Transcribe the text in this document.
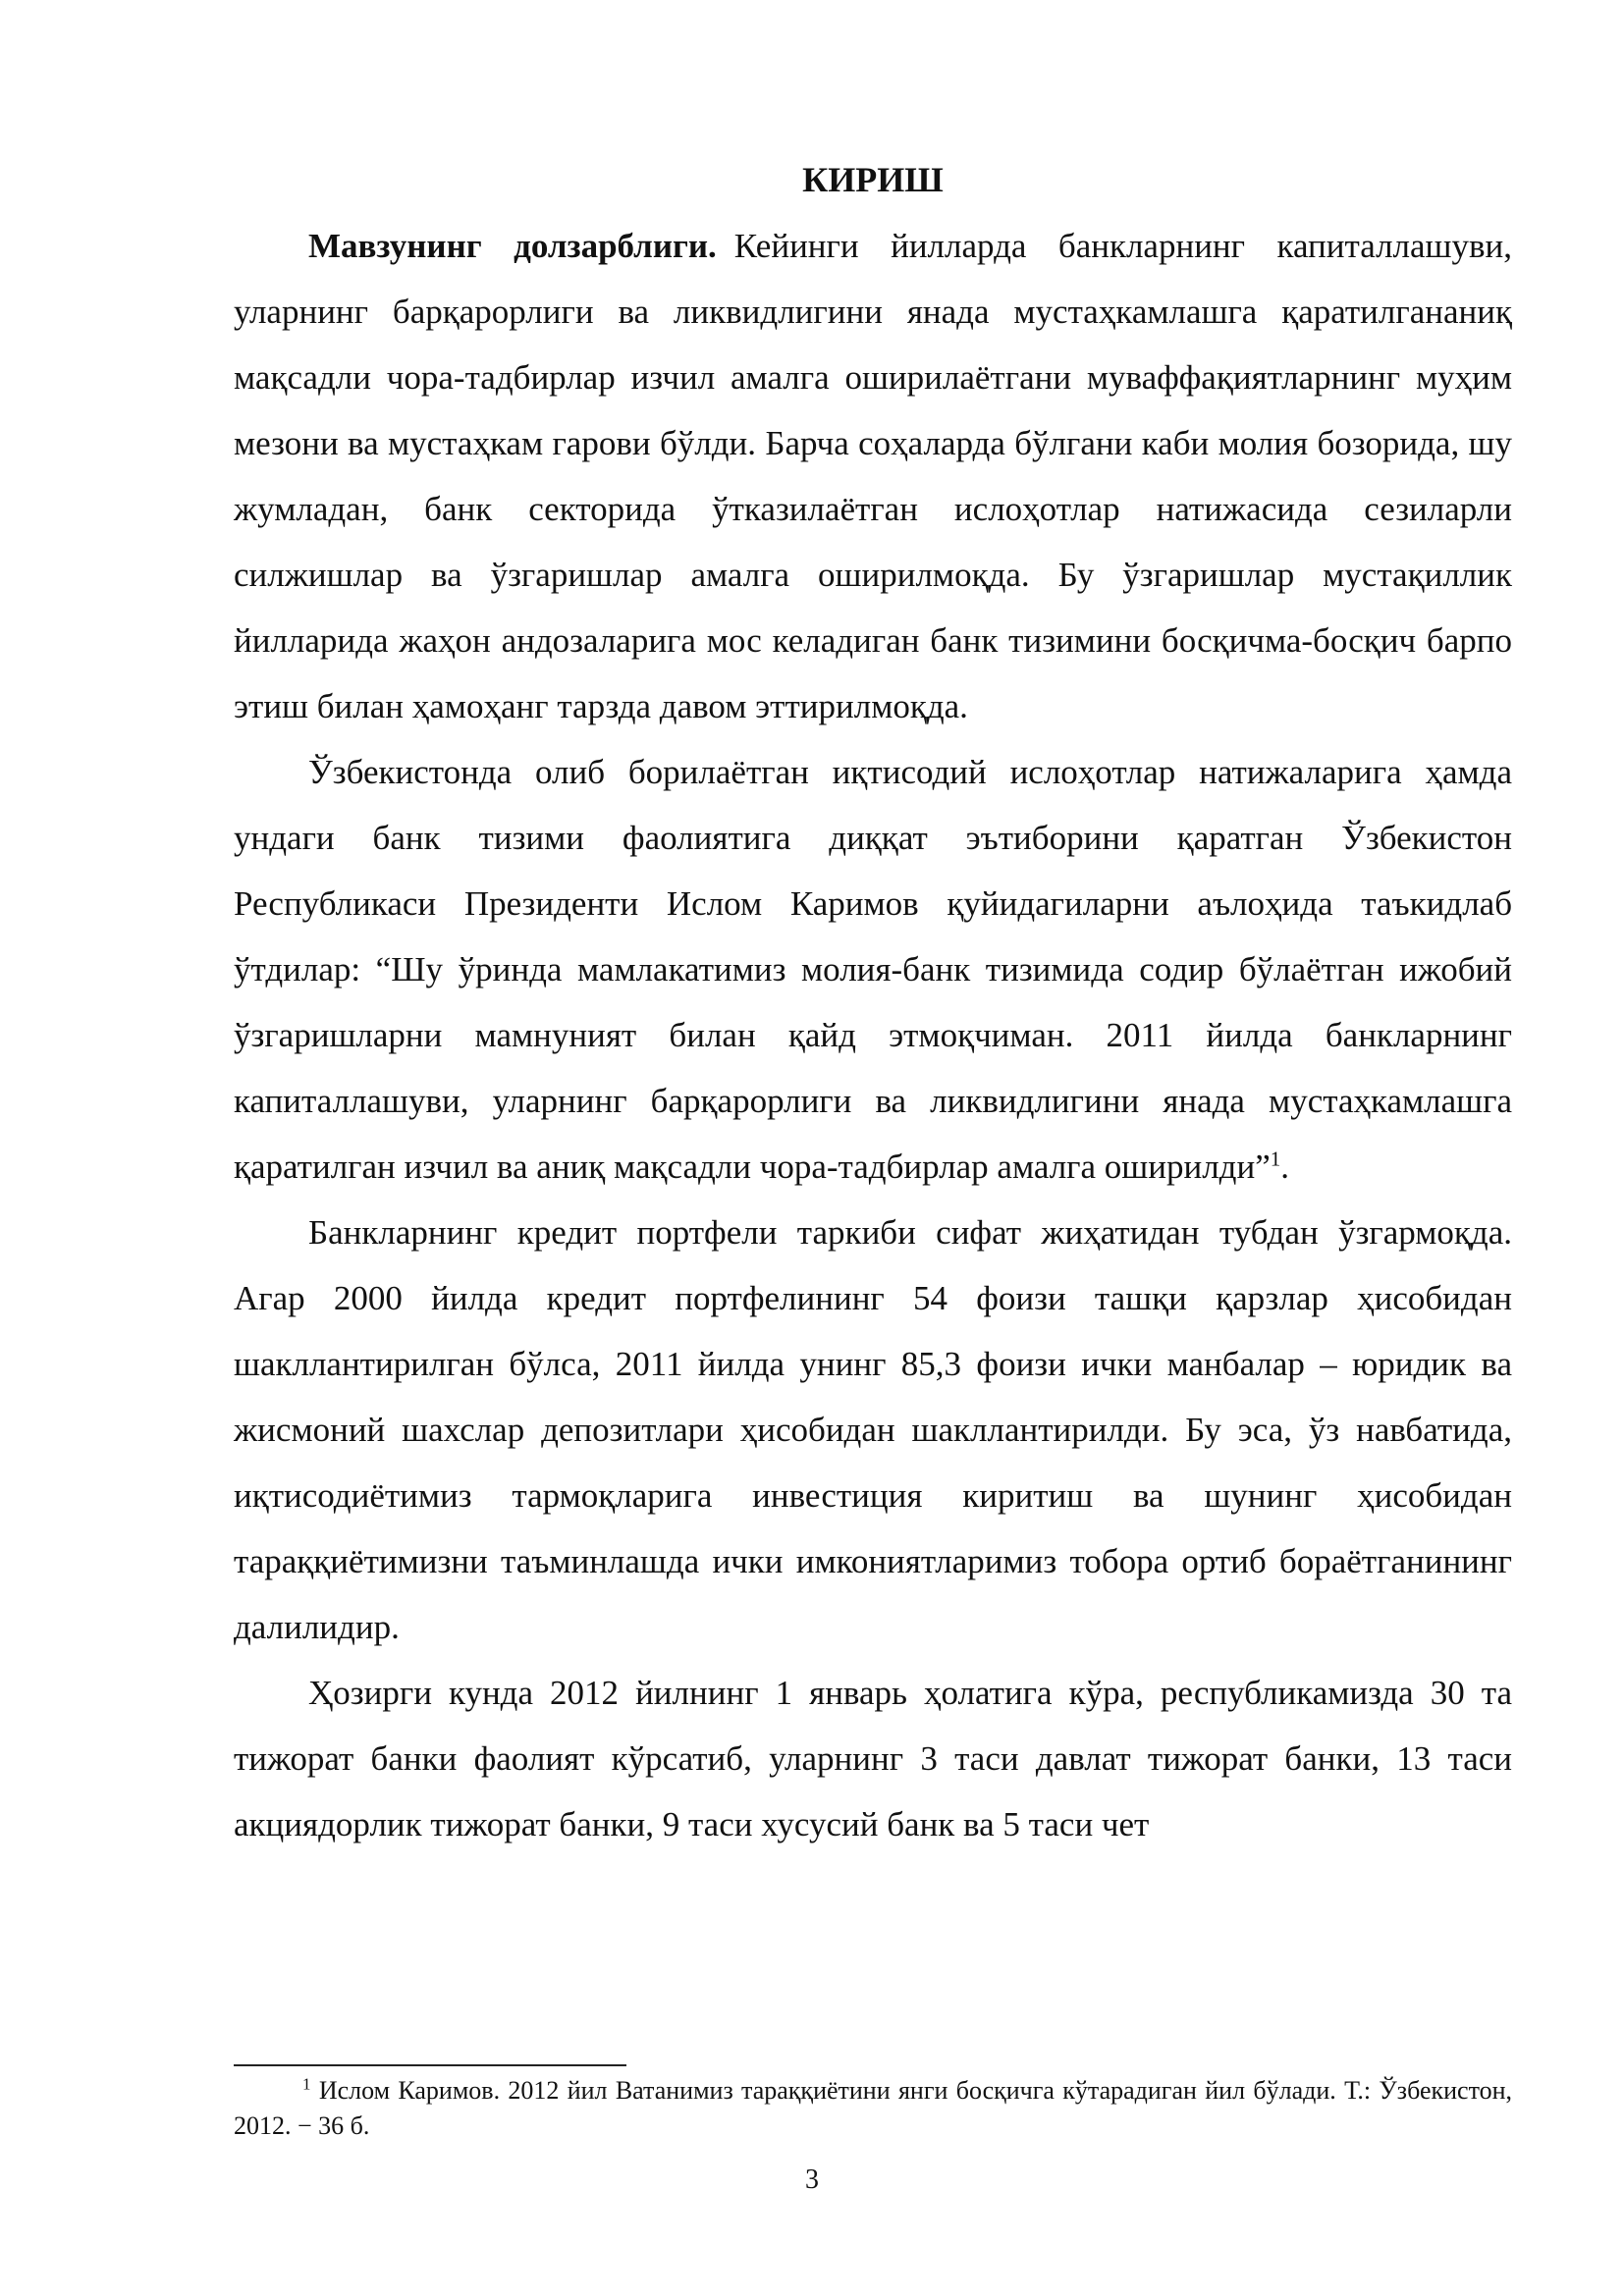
КИРИШ

Мавзунинг долзарблиги. Кейинги йилларда банкларнинг капиталлашуви, уларнинг барқарорлиги ва ликвидлигини янада мустаҳкамлашга қаратилгананиқ мақсадли чора-тадбирлар изчил амалга оширилаётгани муваффақиятларнинг муҳим мезони ва мустаҳкам гарови бўлди. Барча соҳаларда бўлгани каби молия бозорида, шу жумладан, банк секторида ўтказилаётган ислоҳотлар натижасида сезиларли силжишлар ва ўзгаришлар амалга оширилмоқда. Бу ўзгаришлар мустақиллик йилларида жаҳон андозаларига мос келадиган банк тизимини босқичма-босқич барпо этиш билан ҳамоҳанг тарзда давом эттирилмоқда.

Ўзбекистонда олиб борилаётган иқтисодий ислоҳотлар натижаларига ҳамда ундаги банк тизими фаолиятига диққат эътиборини қаратган Ўзбекистон Республикаси Президенти Ислом Каримов қуйидагиларни аълоҳида таъкидлаб ўтдилар: “Шу ўринда мамлакатимиз молия-банк тизимида содир бўлаётган ижобий ўзгаришларни мамнуният билан қайд этмоқчиман. 2011 йилда банкларнинг капиталлашуви, уларнинг барқарорлиги ва ликвидлигини янада мустаҳкамлашга қаратилган изчил ва аниқ мақсадли чора-тадбирлар амалга оширилди”$^1$.

Банкларнинг кредит портфели таркиби сифат жиҳатидан тубдан ўзгармоқда. Агар 2000 йилда кредит портфелининг 54 фоизи ташқи қарзлар ҳисобидан шакллантирилган бўлса, 2011 йилда унинг 85,3 фоизи ички манбалар – юридик ва жисмоний шахслар депозитлари ҳисобидан шакллантирилди. Бу эса, ўз навбатида, иқтисодиётимиз тармоқларига инвестиция киритиш ва шунинг ҳисобидан тараққиётимизни таъминлашда ички имкониятларимиз тобора ортиб бораётганининг далилидир.

Ҳозирги кунда 2012 йилнинг 1 январь ҳолатига кўра, республикамизда 30 та тижорат банки фаолият кўрсатиб, уларнинг 3 таси давлат тижорат банки, 13 таси акциядорлик тижорат банки, 9 таси хусусий банк ва 5 таси чет

$^1$ Ислом Каримов. 2012 йил Ватанимиз тараққиётини янги босқичга кўтарадиган йил бўлади. Т.: Ўзбекистон, 2012. − 36 б.

3
